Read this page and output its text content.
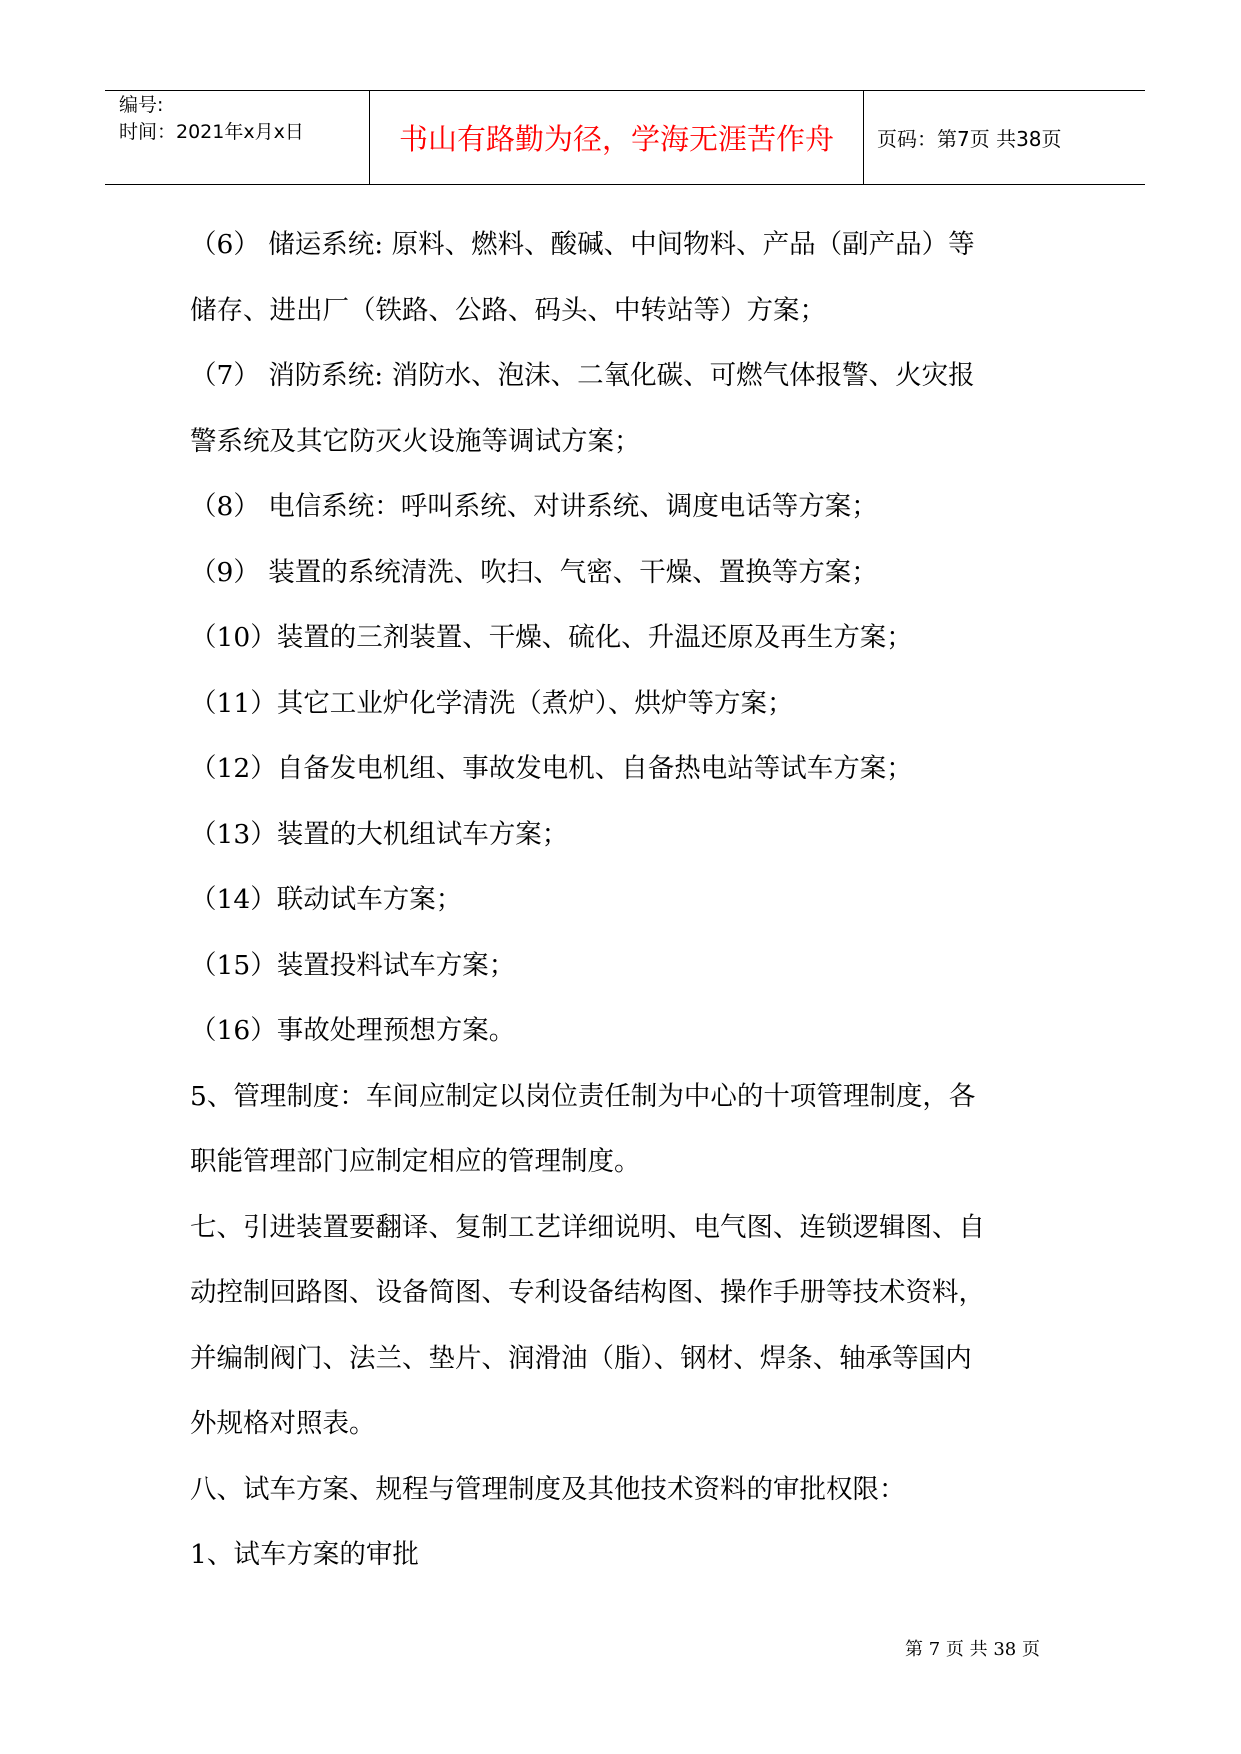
编号:
时间：2021年x月x日	书山有路勤为径，学海无涯苦作舟	页码：第7页 共38页

（6） 储运系统: 原料、燃料、酸碱、中间物料、产品（副产品）等

储存、进出厂（铁路、公路、码头、中转站等）方案；

（7） 消防系统: 消防水、泡沫、二氧化碳、可燃气体报警、火灾报

警系统及其它防灭火设施等调试方案；

（8） 电信系统：呼叫系统、对讲系统、调度电话等方案；

（9） 装置的系统清洗、吹扫、气密、干燥、置换等方案；

（10）装置的三剂装置、干燥、硫化、升温还原及再生方案；

（11）其它工业炉化学清洗（煮炉）、烘炉等方案；

（12）自备发电机组、事故发电机、自备热电站等试车方案；

（13）装置的大机组试车方案；

（14）联动试车方案；

（15）装置投料试车方案；

（16）事故处理预想方案。

5、管理制度：车间应制定以岗位责任制为中心的十项管理制度，各

职能管理部门应制定相应的管理制度。

七、引进装置要翻译、复制工艺详细说明、电气图、连锁逻辑图、自

动控制回路图、设备简图、专利设备结构图、操作手册等技术资料，

并编制阀门、法兰、垫片、润滑油（脂）、钢材、焊条、轴承等国内

外规格对照表。

八、试车方案、规程与管理制度及其他技术资料的审批权限：

1、试车方案的审批

第 7 页 共 38 页
